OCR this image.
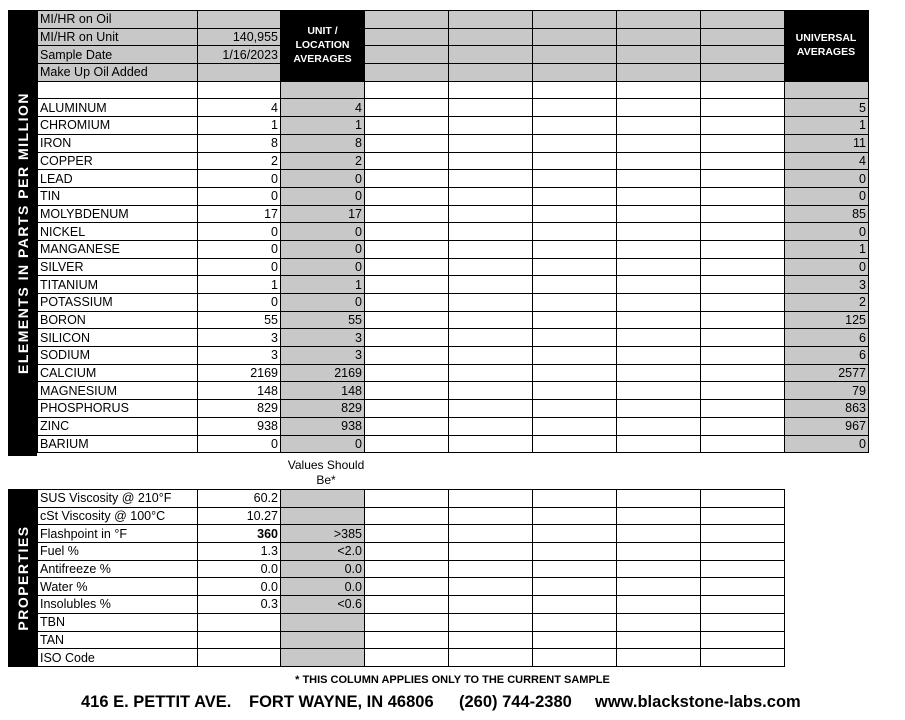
ELEMENTS IN PARTS PER MILLION
PROPERTIES
MI/HR on Oil								
MI/HR on Unit	140,955							
Sample Date	1/16/2023							
Make Up Oil Added								

ALUMINUM	4	4						5
CHROMIUM	1	1						1
IRON	8	8						11
COPPER	2	2						4
LEAD	0	0						0
TIN	0	0						0
MOLYBDENUM	17	17						85
NICKEL	0	0						0
MANGANESE	0	0						1
SILVER	0	0						0
TITANIUM	1	1						3
POTASSIUM	0	0						2
BORON	55	55						125
SILICON	3	3						6
SODIUM	3	3						6
CALCIUM	2169	2169						2577
MAGNESIUM	148	148						79
PHOSPHORUS	829	829						863
ZINC	938	938						967
BARIUM	0	0						0
UNIT / LOCATION AVERAGES
UNIVERSAL AVERAGES
Values Should Be*
SUS Viscosity @ 210°F	60.2						
cSt Viscosity @ 100°C	10.27						
Flashpoint in °F	360	>385					
Fuel %	1.3	<2.0					
Antifreeze %	0.0	0.0					
Water %	0.0	0.0					
Insolubles %	0.3	<0.6					
TBN							
TAN							
ISO Code							
* THIS COLUMN APPLIES ONLY TO THE CURRENT SAMPLE
416 E. PETTIT AVE. FORT WAYNE, IN 46806 (260) 744-2380 www.blackstone-labs.com
